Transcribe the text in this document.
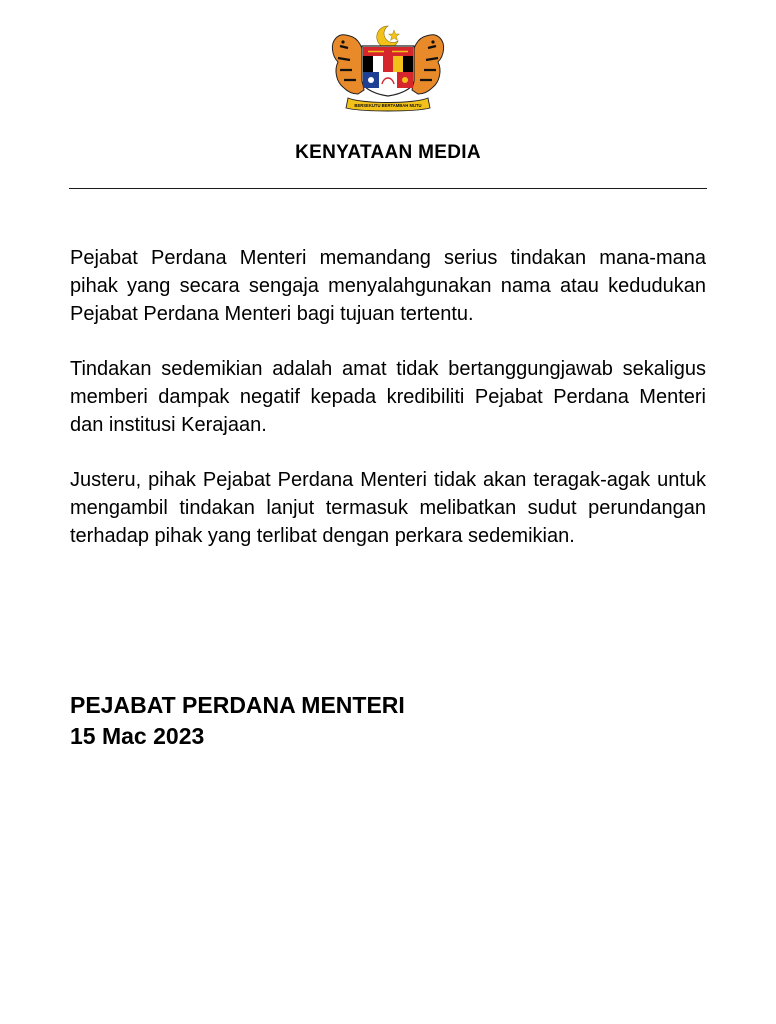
BERSEKUTU BERTAMBAH MUTU
KENYATAAN MEDIA

Pejabat Perdana Menteri memandang serius tindakan mana-mana pihak yang secara sengaja menyalahgunakan nama atau kedudukan Pejabat Perdana Menteri bagi tujuan tertentu.

Tindakan sedemikian adalah amat tidak bertanggungjawab sekaligus memberi dampak negatif kepada kredibiliti Pejabat Perdana Menteri dan institusi Kerajaan.

Justeru, pihak Pejabat Perdana Menteri tidak akan teragak-agak untuk mengambil tindakan lanjut termasuk melibatkan sudut perundangan terhadap pihak yang terlibat dengan perkara sedemikian.

PEJABAT PERDANA MENTERI
15 Mac 2023
